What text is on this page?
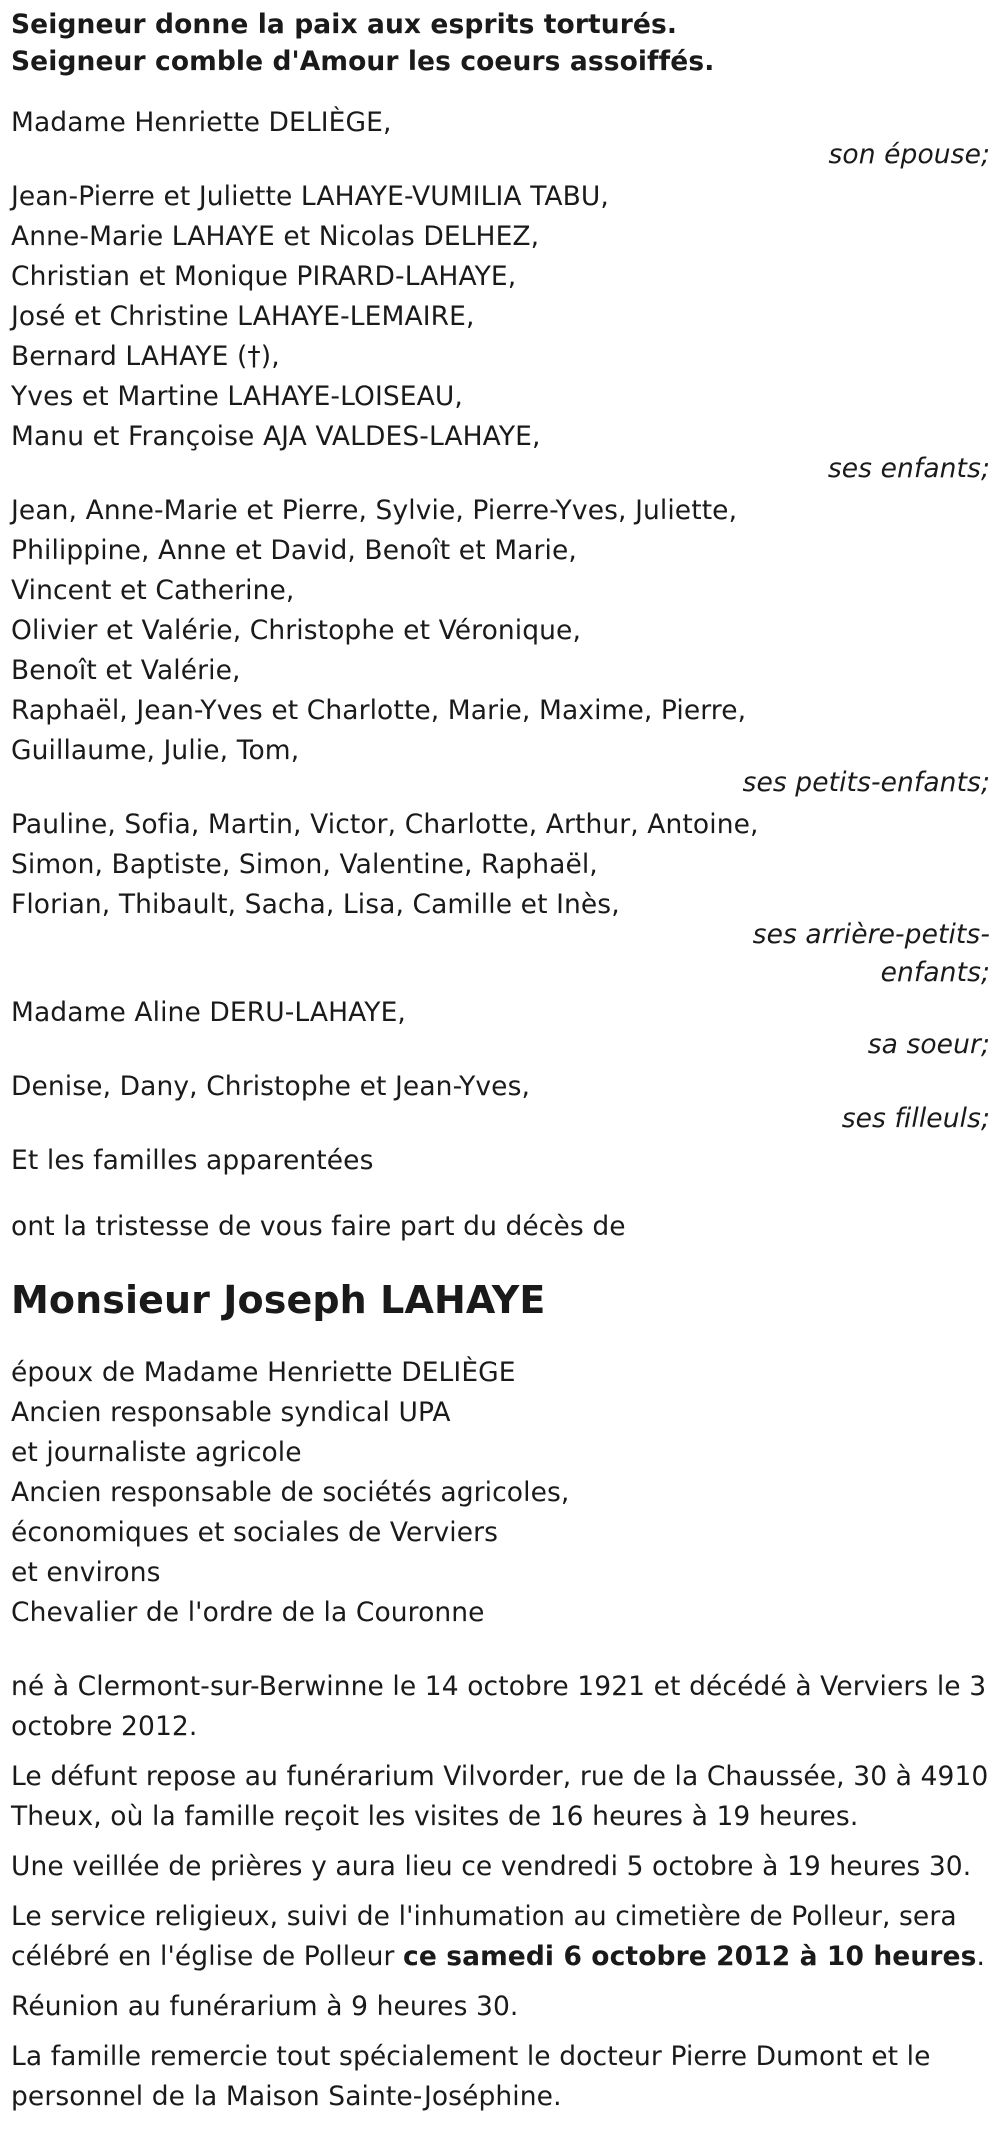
Seigneur donne la paix aux esprits torturés.

Seigneur comble d'Amour les coeurs assoiffés.

Madame Henriette DELIÈGE,

son épouse;

Jean-Pierre et Juliette LAHAYE-VUMILIA TABU,

Anne-Marie LAHAYE et Nicolas DELHEZ,

Christian et Monique PIRARD-LAHAYE,

José et Christine LAHAYE-LEMAIRE,

Bernard LAHAYE (†),

Yves et Martine LAHAYE-LOISEAU,

Manu et Françoise AJA VALDES-LAHAYE,

ses enfants;

Jean, Anne-Marie et Pierre, Sylvie, Pierre-Yves, Juliette,

Philippine, Anne et David, Benoît et Marie,

Vincent et Catherine,

Olivier et Valérie, Christophe et Véronique,

Benoît et Valérie,

Raphaël, Jean-Yves et Charlotte, Marie, Maxime, Pierre,

Guillaume, Julie, Tom,

ses petits-enfants;

Pauline, Sofia, Martin, Victor, Charlotte, Arthur, Antoine,

Simon, Baptiste, Simon, Valentine, Raphaël,

Florian, Thibault, Sacha, Lisa, Camille et Inès,

ses arrière-petits-

enfants;

Madame Aline DERU-LAHAYE,

sa soeur;

Denise, Dany, Christophe et Jean-Yves,

ses filleuls;

Et les familles apparentées

ont la tristesse de vous faire part du décès de

Monsieur Joseph LAHAYE

époux de Madame Henriette DELIÈGE

Ancien responsable syndical UPA

et journaliste agricole

Ancien responsable de sociétés agricoles,

économiques et sociales de Verviers

et environs

Chevalier de l'ordre de la Couronne

né à Clermont-sur-Berwinne le 14 octobre 1921 et décédé à Verviers le 3 octobre 2012.

Le défunt repose au funérarium Vilvorder, rue de la Chaussée, 30 à 4910 Theux, où la famille reçoit les visites de 16 heures à 19 heures.

Une veillée de prières y aura lieu ce vendredi 5 octobre à 19 heures 30.

Le service religieux, suivi de l'inhumation au cimetière de Polleur, sera célébré en l'église de Polleur ce samedi 6 octobre 2012 à 10 heures.

Réunion au funérarium à 9 heures 30.

La famille remercie tout spécialement le docteur Pierre Dumont et le personnel de la Maison Sainte-Joséphine.
